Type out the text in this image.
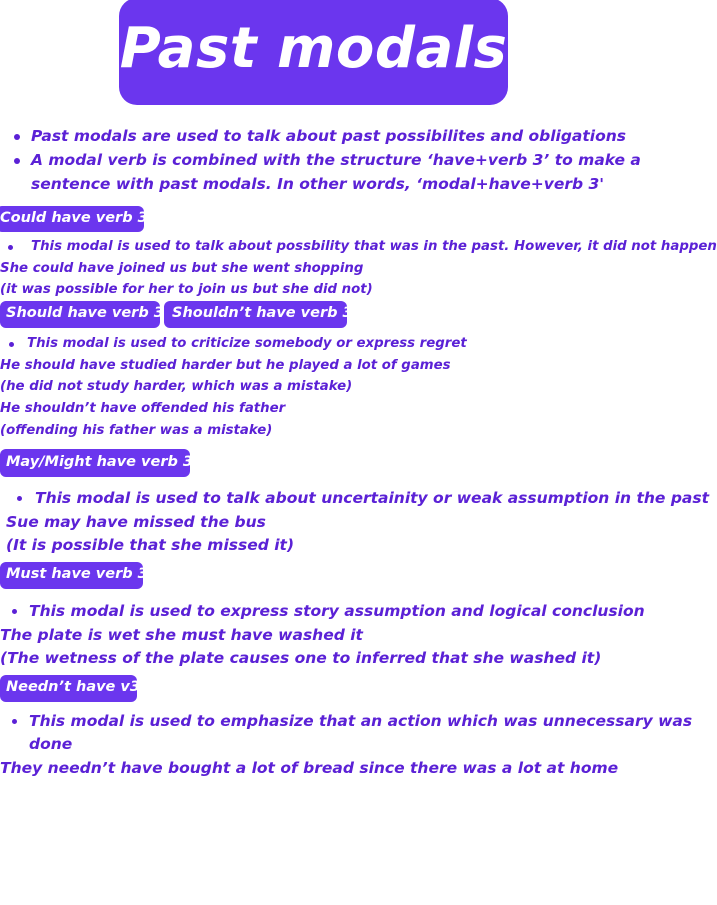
Past modals
Past modals are used to talk about past possibilites and obligations
A modal verb is combined with the structure ‘have+verb 3’ to make a
sentence with past modals. In other words, ‘modal+have+verb 3'
Could have verb 3
This modal is used to talk about possbility that was in the past. However, it did not happen
She could have joined us but she went shopping
(it was possible for her to join us but she did not)
Should have verb 3 Shouldn’t have verb 3
This modal is used to criticize somebody or express regret
He should have studied harder but he played a lot of games
(he did not study harder, which was a mistake)
He shouldn’t have offended his father
(offending his father was a mistake)
May/Might have verb 3
This modal is used to talk about uncertainity or weak assumption in the past
Sue may have missed the bus
(It is possible that she missed it)
Must have verb 3
This modal is used to express story assumption and logical conclusion
The plate is wet she must have washed it
(The wetness of the plate causes one to inferred that she washed it)
Needn’t have v3
This modal is used to emphasize that an action which was unnecessary was
done
They needn’t have bought a lot of bread since there was a lot at home
